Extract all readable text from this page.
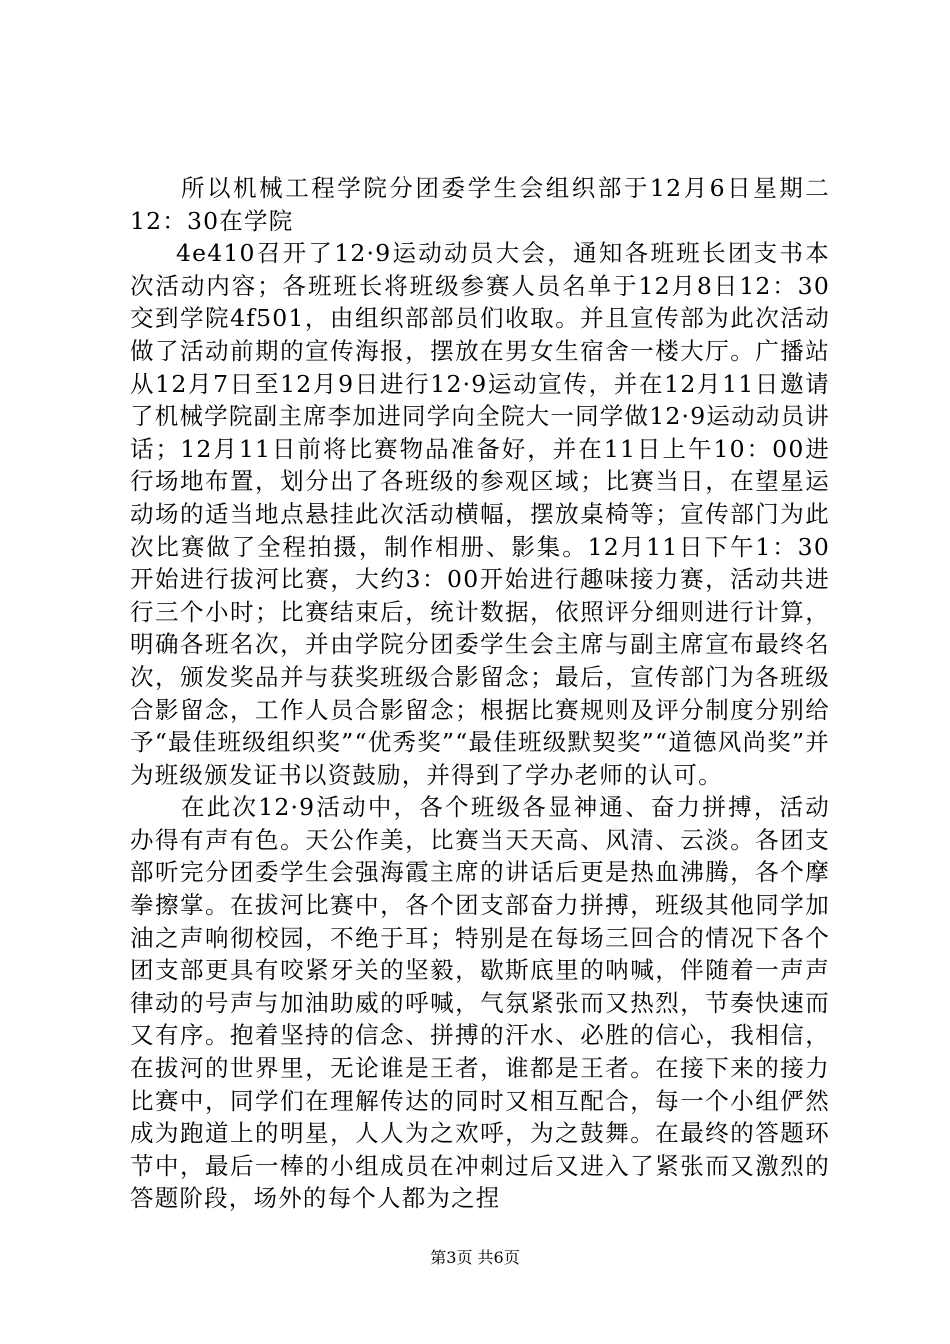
所以机械工程学院分团委学生会组织部于12月6日星期二12：30在学院

4e410召开了12·9运动动员大会，通知各班班长团支书本次活动内容；各班班长将班级参赛人员名单于12月8日12：30交到学院4f501，由组织部部员们收取。并且宣传部为此次活动做了活动前期的宣传海报，摆放在男女生宿舍一楼大厅。广播站从12月7日至12月9日进行12·9运动宣传，并在12月11日邀请了机械学院副主席李加进同学向全院大一同学做12·9运动动员讲话；12月11日前将比赛物品准备好，并在11日上午10：00进行场地布置，划分出了各班级的参观区域；比赛当日，在望星运动场的适当地点悬挂此次活动横幅，摆放桌椅等；宣传部门为此次比赛做了全程拍摄，制作相册、影集。12月11日下午1：30开始进行拔河比赛，大约3：00开始进行趣味接力赛，活动共进行三个小时；比赛结束后，统计数据，依照评分细则进行计算，明确各班名次，并由学院分团委学生会主席与副主席宣布最终名次，颁发奖品并与获奖班级合影留念；最后，宣传部门为各班级合影留念，工作人员合影留念；根据比赛规则及评分制度分别给予“最佳班级组织奖”“优秀奖”“最佳班级默契奖”“道德风尚奖”并为班级颁发证书以资鼓励，并得到了学办老师的认可。

在此次12·9活动中，各个班级各显神通、奋力拼搏，活动办得有声有色。天公作美，比赛当天天高、风清、云淡。各团支部听完分团委学生会强海霞主席的讲话后更是热血沸腾，各个摩拳擦掌。在拔河比赛中，各个团支部奋力拼搏，班级其他同学加油之声响彻校园，不绝于耳；特别是在每场三回合的情况下各个团支部更具有咬紧牙关的坚毅，歇斯底里的呐喊，伴随着一声声律动的号声与加油助威的呼喊，气氛紧张而又热烈，节奏快速而又有序。抱着坚持的信念、拼搏的汗水、必胜的信心，我相信，在拔河的世界里，无论谁是王者，谁都是王者。在接下来的接力比赛中，同学们在理解传达的同时又相互配合，每一个小组俨然成为跑道上的明星，人人为之欢呼，为之鼓舞。在最终的答题环节中，最后一棒的小组成员在冲刺过后又进入了紧张而又激烈的答题阶段，场外的每个人都为之捏

第3页 共6页
